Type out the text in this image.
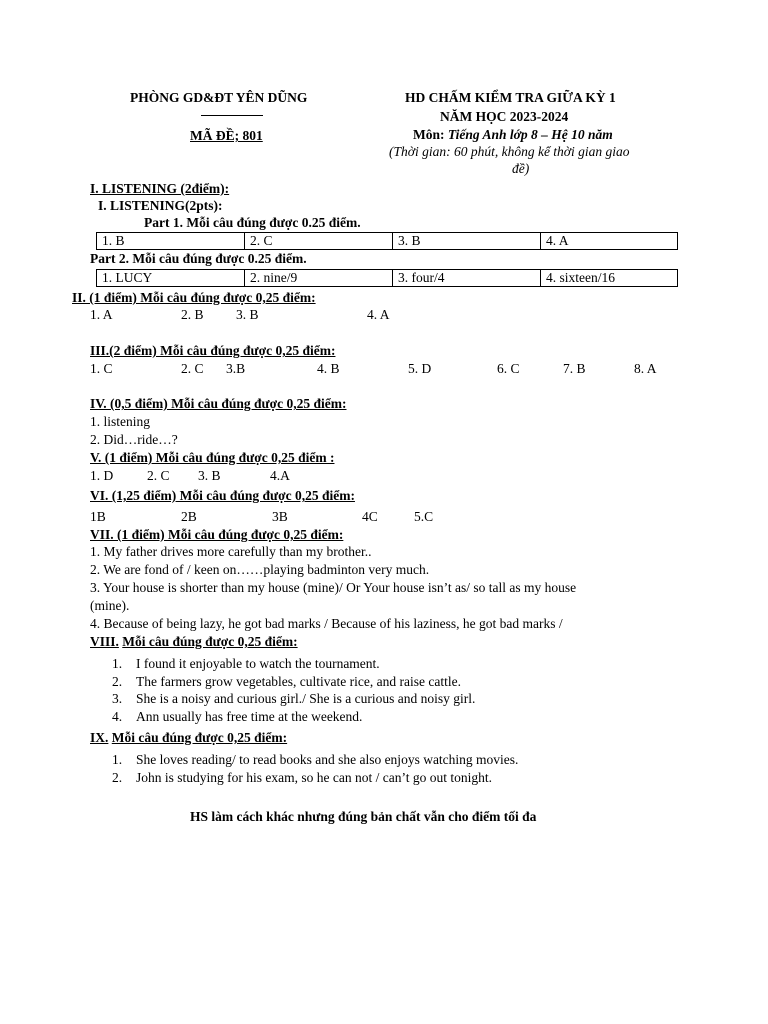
PHÒNG GD&ĐT YÊN DŨNG
MÃ ĐỀ; 801
HD CHẤM KIỂM TRA GIỮA KỲ 1
NĂM HỌC 2023-2024
Môn: Tiếng Anh lớp 8 – Hệ 10 năm
(Thời gian: 60 phút, không kể thời gian giao
đề)
I. LISTENING (2điểm):
I. LISTENING(2pts):
Part 1. Mỗi câu đúng được 0.25 điểm.
1. B	2. C	3. B	4. A
Part 2. Mỗi câu đúng được 0.25 điểm.
1. LUCY	2. nine/9	3. four/4	4. sixteen/16
II. (1 điểm) Mỗi câu đúng được 0,25 điểm:
1. A	2. B 3. B	4. A
III.(2 điểm) Mỗi câu đúng được 0,25 điểm:
1. C	2. C 3.B	4. B	5. D	6. C	7. B	8. A
IV. (0,5 điểm) Mỗi câu đúng được 0,25 điểm:
1. listening
2. Did…ride…?
V. (1 điểm) Mỗi câu đúng được 0,25 điểm :
1. D	2. C 3. B	4.A
VI. (1,25 điểm) Mỗi câu đúng được 0,25 điểm:
1B	2B	3B	4C	5.C
VII. (1 điểm) Mỗi câu đúng được 0,25 điểm:
1. My father drives more carefully than my brother..
2. We are fond of / keen on……playing badminton very much.
3. Your house is shorter than my house (mine)/ Or Your house isn’t as/ so tall as my house
(mine).
4. Because of being lazy, he got bad marks / Because of his laziness, he got bad marks /
VIII. Mỗi câu đúng được 0,25 điểm:
1.	I found it enjoyable to watch the tournament.
2.	The farmers grow vegetables, cultivate rice, and raise cattle.
3.	She is a noisy and curious girl./ She is a curious and noisy girl.
4.	Ann usually has free time at the weekend.
IX. Mỗi câu đúng được 0,25 điểm:
1.	She loves reading/ to read books and she also enjoys watching movies.
2.	John is studying for his exam, so he can not / can’t go out tonight.
HS làm cách khác nhưng đúng bản chất vẫn cho điểm tối đa
